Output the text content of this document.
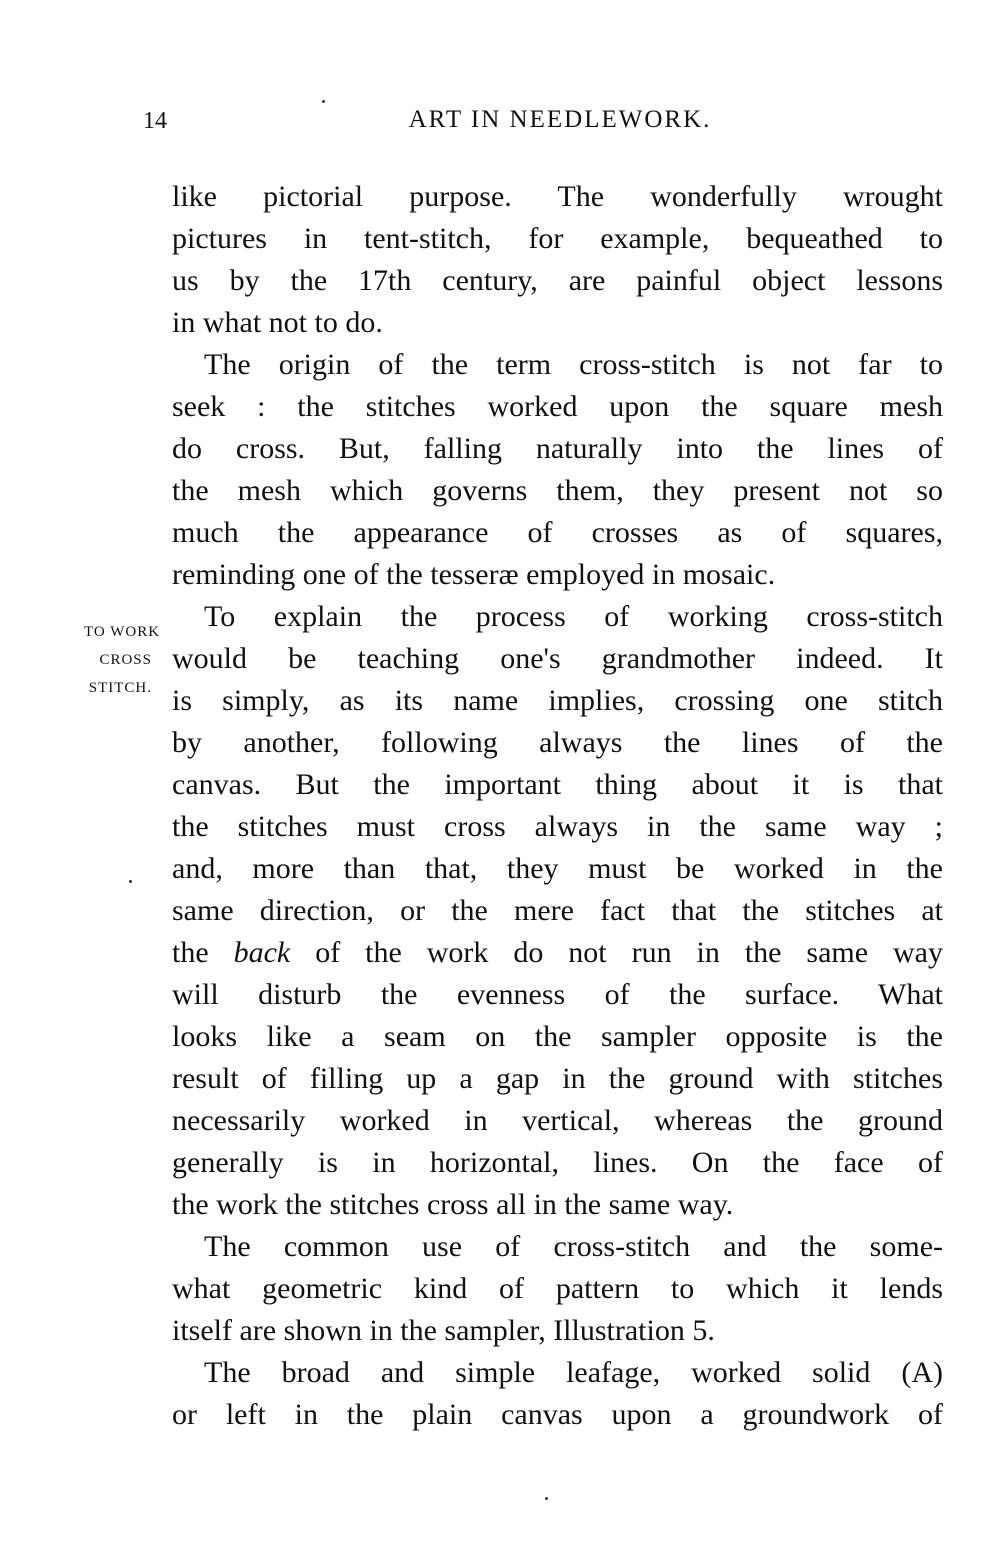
14	ART IN NEEDLEWORK.
TO WORK
CROSS
STITCH.
like pictorial purpose. The wonderfully wrought
pictures in tent-stitch, for example, bequeathed to
us by the 17th century, are painful object lessons
in what not to do.
The origin of the term cross-stitch is not far to
seek : the stitches worked upon the square mesh
do cross. But, falling naturally into the lines of
the mesh which governs them, they present not so
much the appearance of crosses as of squares,
reminding one of the tesseræ employed in mosaic.
To explain the process of working cross-stitch
would be teaching one's grandmother indeed. It
is simply, as its name implies, crossing one stitch
by another, following always the lines of the
canvas. But the important thing about it is that
the stitches must cross always in the same way ;
and, more than that, they must be worked in the
same direction, or the mere fact that the stitches at
the back of the work do not run in the same way
will disturb the evenness of the surface. What
looks like a seam on the sampler opposite is the
result of filling up a gap in the ground with stitches
necessarily worked in vertical, whereas the ground
generally is in horizontal, lines. On the face of
the work the stitches cross all in the same way.
The common use of cross-stitch and the some-
what geometric kind of pattern to which it lends
itself are shown in the sampler, Illustration 5.
The broad and simple leafage, worked solid (A)
or left in the plain canvas upon a groundwork of
